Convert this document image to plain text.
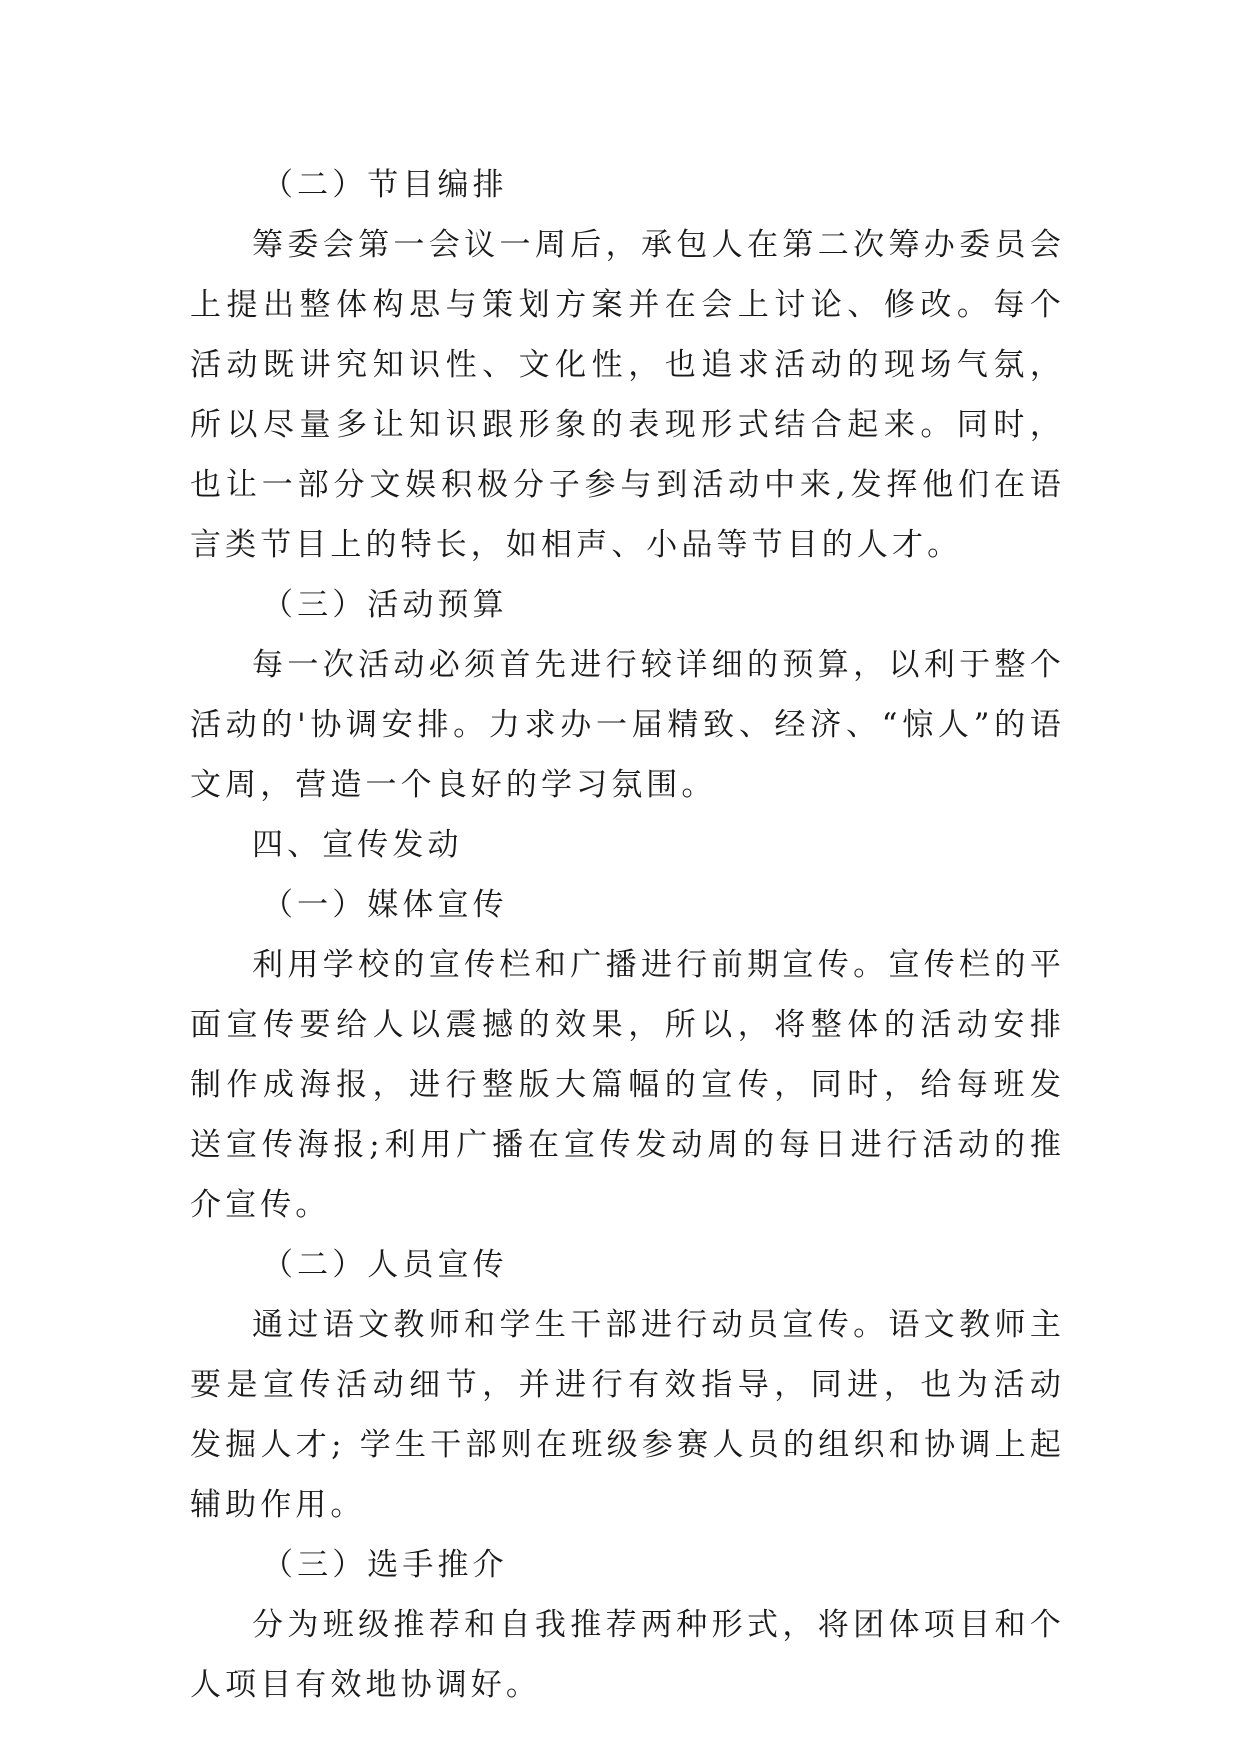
（二）节目编排

筹委会第一会议一周后，承包人在第二次筹办委员会上提出整体构思与策划方案并在会上讨论、修改。每个活动既讲究知识性、文化性，也追求活动的现场气氛，所以尽量多让知识跟形象的表现形式结合起来。同时，也让一部分文娱积极分子参与到活动中来,发挥他们在语言类节目上的特长，如相声、小品等节目的人才。

（三）活动预算

每一次活动必须首先进行较详细的预算，以利于整个活动的'协调安排。力求办一届精致、经济、“惊人”的语文周，营造一个良好的学习氛围。

四、宣传发动

（一）媒体宣传

利用学校的宣传栏和广播进行前期宣传。宣传栏的平面宣传要给人以震撼的效果，所以，将整体的活动安排制作成海报，进行整版大篇幅的宣传，同时，给每班发送宣传海报;利用广播在宣传发动周的每日进行活动的推介宣传。

（二）人员宣传

通过语文教师和学生干部进行动员宣传。语文教师主要是宣传活动细节，并进行有效指导，同进，也为活动发掘人才; 学生干部则在班级参赛人员的组织和协调上起辅助作用。

（三）选手推介

分为班级推荐和自我推荐两种形式，将团体项目和个人项目有效地协调好。
